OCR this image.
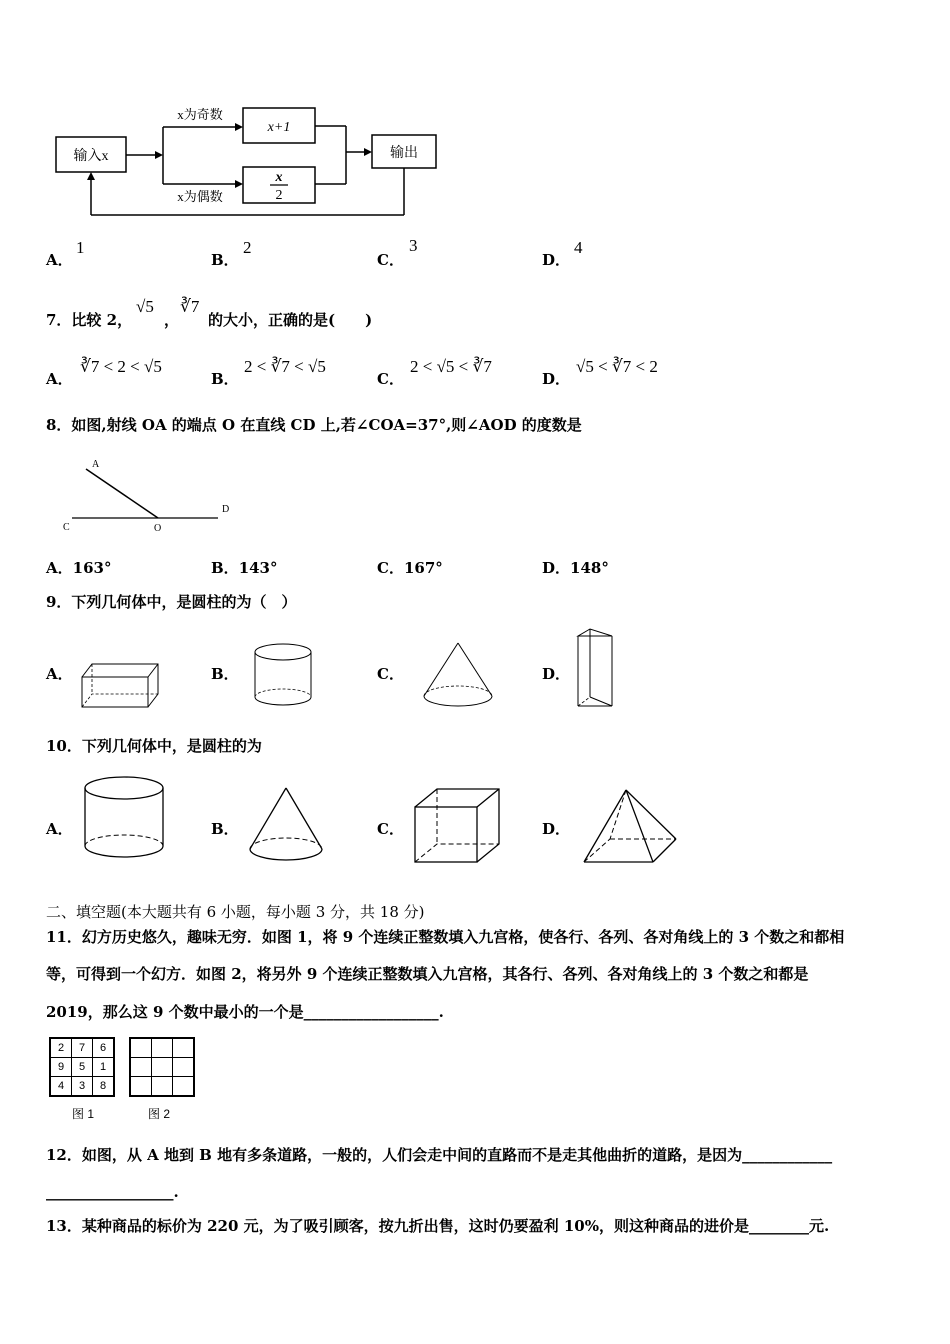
输入x
x为奇数
x为偶数
x+1
x
2
输出
A．
1
B．
2
C．
3
D．
4
7．比较 2，
√5
，
∛7
的大小，正确的是(　　)
A．
∛7 < 2 < √5
B．
2 < ∛7 < √5
C．
2 < √5 < ∛7
D．
√5 < ∛7 < 2
8．如图,射线 OA 的端点 O 在直线 CD 上,若∠COA=37°,则∠AOD 的度数是
A
C	O
D
A．163°	B．143°	C．167°	D．148°
9．下列几何体中，是圆柱的为（　）
A．	B．	C．	D．
10．下列几何体中，是圆柱的为
A．	B．	C．	D．
二、填空题(本大题共有 6 小题，每小题 3 分，共 18 分)
11．幻方历史悠久，趣味无穷．如图 1，将 9 个连续正整数填入九宫格，使各行、各列、各对角线上的 3 个数之和都相
等，可得到一个幻方．如图 2，将另外 9 个连续正整数填入九宫格，其各行、各列、各对角线上的 3 个数之和都是
2019，那么这 9 个数中最小的一个是__________________.
2	7	6
9	5	1
4	3	8

图 1	图 2
12．如图，从 A 地到 B 地有多条道路，一般的，人们会走中间的直路而不是走其他曲折的道路，是因为____________
_________________.
13．某种商品的标价为 220 元，为了吸引顾客，按九折出售，这时仍要盈利 10%，则这种商品的进价是________元.
